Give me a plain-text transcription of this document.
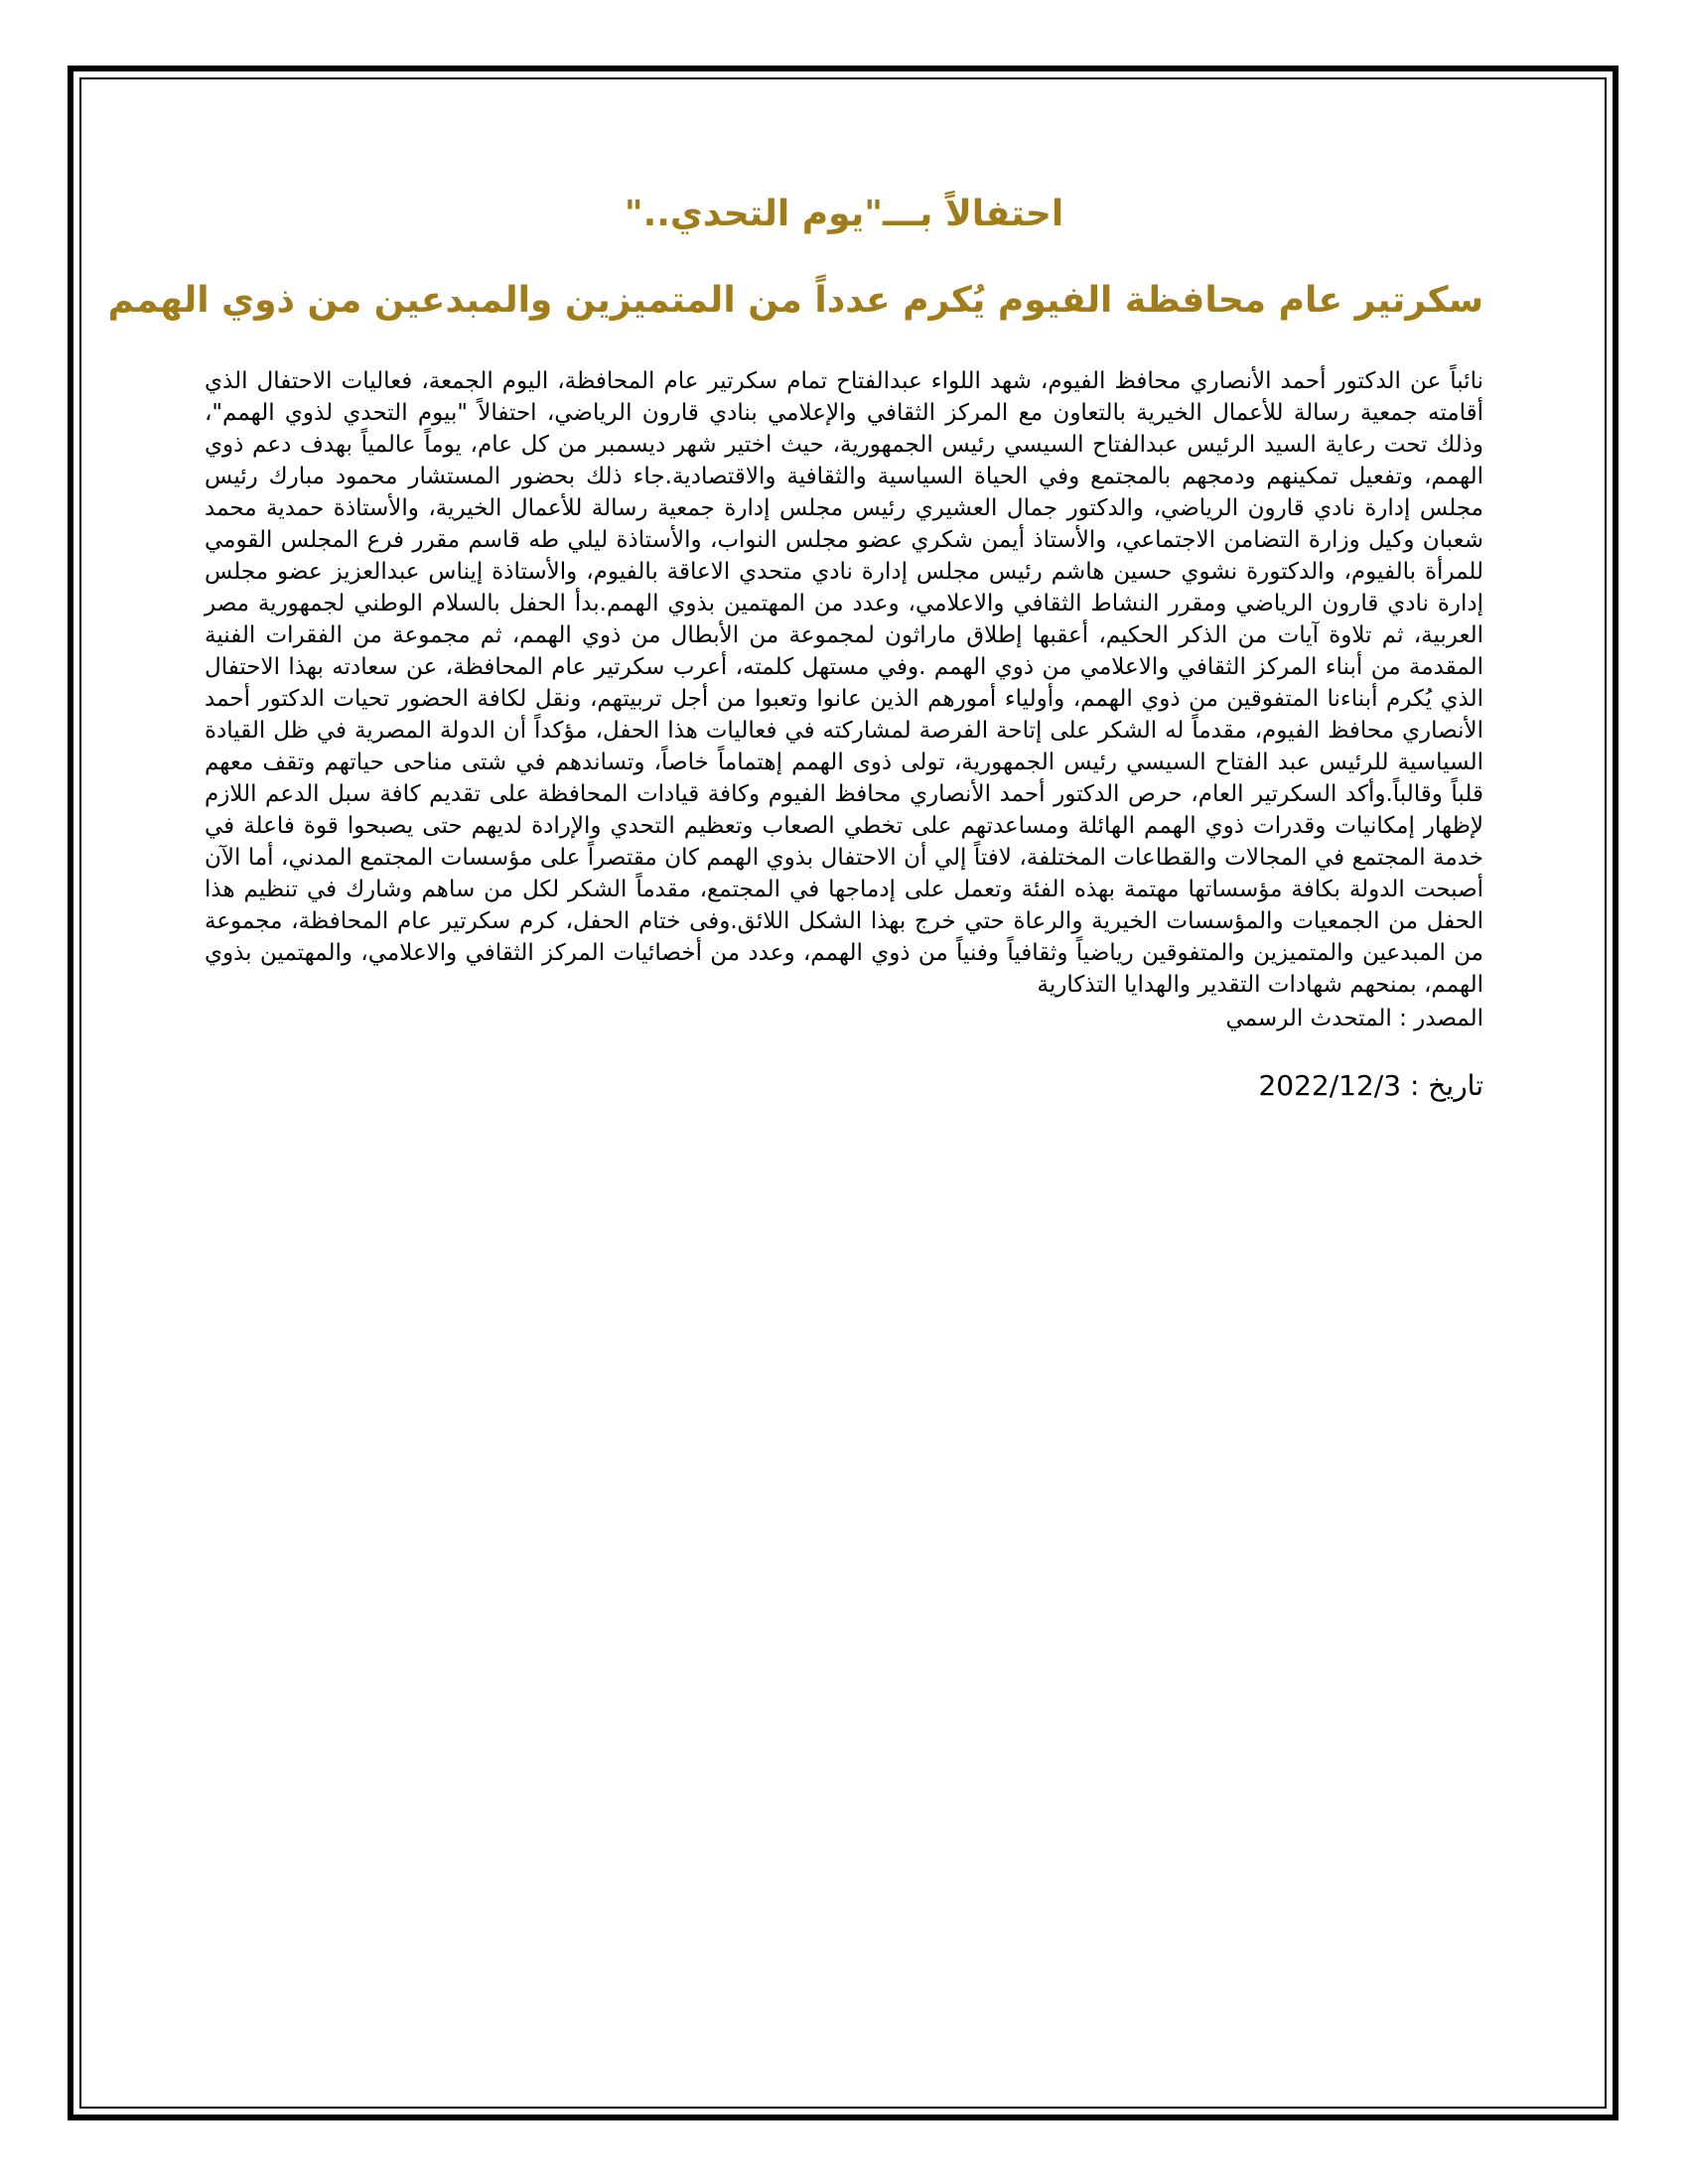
احتفالاً بـــ"يوم التحدي.."
سكرتير عام محافظة الفيوم يُكرم عدداً من المتميزين والمبدعين من ذوي الهمم

نائباً عن الدكتور أحمد الأنصاري محافظ الفيوم، شهد اللواء عبدالفتاح تمام سكرتير عام المحافظة، اليوم الجمعة، فعاليات الاحتفال الذي أقامته جمعية رسالة للأعمال الخيرية بالتعاون مع المركز الثقافي والإعلامي بنادي قارون الرياضي، احتفالاً "بيوم التحدي لذوي الهمم"، وذلك تحت رعاية السيد الرئيس عبدالفتاح السيسي رئيس الجمهورية، حيث اختير شهر ديسمبر من كل عام، يوماً عالمياً بهدف دعم ذوي الهمم، وتفعيل تمكينهم ودمجهم بالمجتمع وفي الحياة السياسية والثقافية والاقتصادية.جاء ذلك بحضور المستشار محمود مبارك رئيس مجلس إدارة نادي قارون الرياضي، والدكتور جمال العشيري رئيس مجلس إدارة جمعية رسالة للأعمال الخيرية، والأستاذة حمدية محمد شعبان وكيل وزارة التضامن الاجتماعي، والأستاذ أيمن شكري عضو مجلس النواب، والأستاذة ليلي طه قاسم مقرر فرع المجلس القومي للمرأة بالفيوم، والدكتورة نشوي حسين هاشم رئيس مجلس إدارة نادي متحدي الاعاقة بالفيوم، والأستاذة إيناس عبدالعزيز عضو مجلس إدارة نادي قارون الرياضي ومقرر النشاط الثقافي والاعلامي، وعدد من المهتمين بذوي الهمم.بدأ الحفل بالسلام الوطني لجمهورية مصر العربية، ثم تلاوة آيات من الذكر الحكيم، أعقبها إطلاق ماراثون لمجموعة من الأبطال من ذوي الهمم، ثم مجموعة من الفقرات الفنية المقدمة من أبناء المركز الثقافي والاعلامي من ذوي الهمم .وفي مستهل كلمته، أعرب سكرتير عام المحافظة، عن سعادته بهذا الاحتفال الذي يُكرم أبناءنا المتفوقين من ذوي الهمم، وأولياء أمورهم الذين عانوا وتعبوا من أجل تربيتهم، ونقل لكافة الحضور تحيات الدكتور أحمد الأنصاري محافظ الفيوم، مقدماً له الشكر على إتاحة الفرصة لمشاركته في فعاليات هذا الحفل، مؤكداً أن الدولة المصرية في ظل القيادة السياسية للرئيس عبد الفتاح السيسي رئيس الجمهورية، تولى ذوى الهمم إهتماماً خاصاً، وتساندهم في شتى مناحى حياتهم وتقف معهم قلباً وقالباً.وأكد السكرتير العام، حرص الدكتور أحمد الأنصاري محافظ الفيوم وكافة قيادات المحافظة على تقديم كافة سبل الدعم اللازم لإظهار إمكانيات وقدرات ذوي الهمم الهائلة ومساعدتهم على تخطي الصعاب وتعظيم التحدي والإرادة لديهم حتى يصبحوا قوة فاعلة في خدمة المجتمع في المجالات والقطاعات المختلفة، لافتاً إلي أن الاحتفال بذوي الهمم كان مقتصراً على مؤسسات المجتمع المدني، أما الآن أصبحت الدولة بكافة مؤسساتها مهتمة بهذه الفئة وتعمل على إدماجها في المجتمع، مقدماً الشكر لكل من ساهم وشارك في تنظيم هذا الحفل من الجمعيات والمؤسسات الخيرية والرعاة حتي خرج بهذا الشكل اللائق.وفى ختام الحفل، كرم سكرتير عام المحافظة، مجموعة من المبدعين والمتميزين والمتفوقين رياضياً وثقافياً وفنياً من ذوي الهمم، وعدد من أخصائيات المركز الثقافي والاعلامي، والمهتمين بذوي الهمم، بمنحهم شهادات التقدير والهدايا التذكارية

المصدر : المتحدث الرسمي

تاريخ : 2022/12/3
